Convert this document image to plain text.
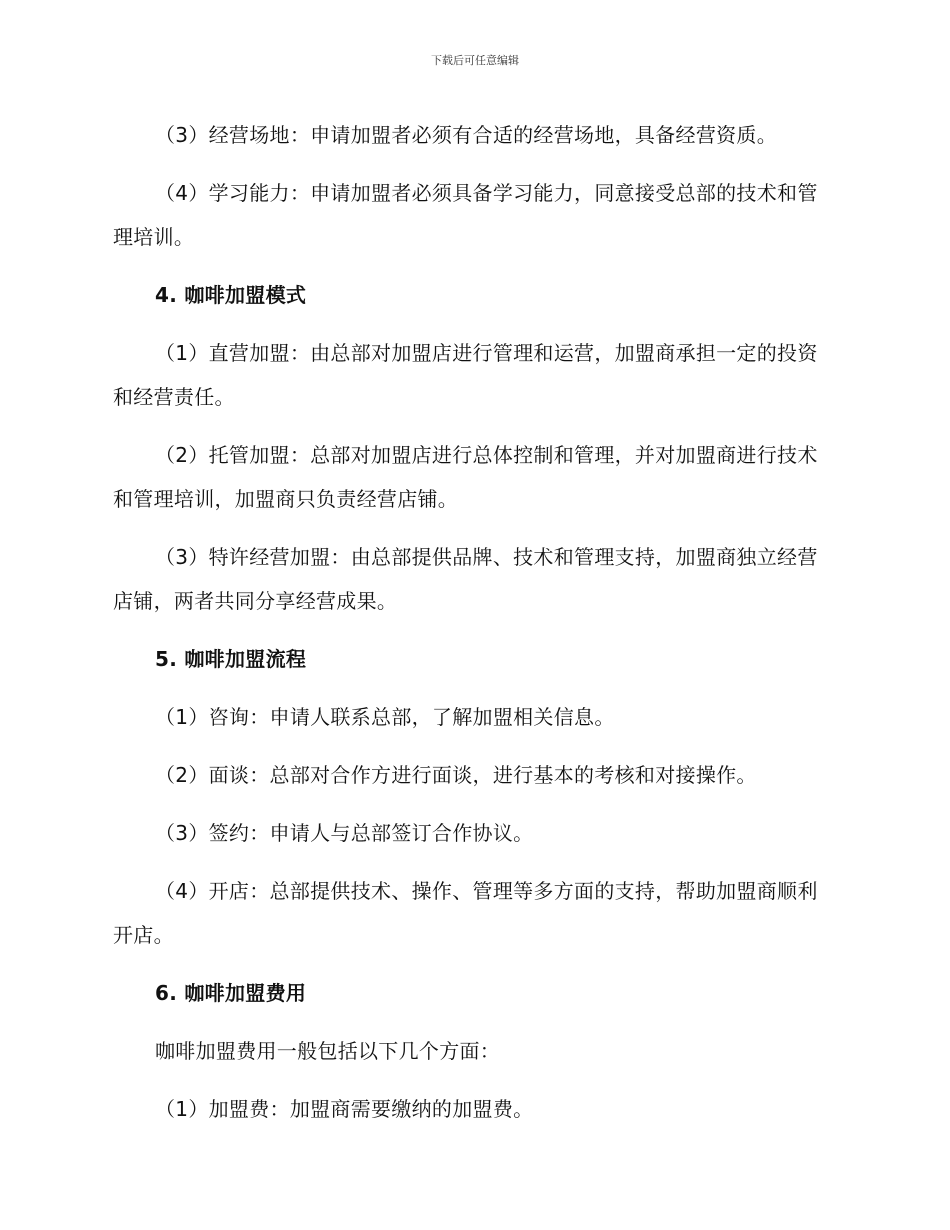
下载后可任意编辑

（3）经营场地：申请加盟者必须有合适的经营场地，具备经营资质。

（4）学习能力：申请加盟者必须具备学习能力，同意接受总部的技术和管理培训。

4. 咖啡加盟模式

（1）直营加盟：由总部对加盟店进行管理和运营，加盟商承担一定的投资和经营责任。

（2）托管加盟：总部对加盟店进行总体控制和管理，并对加盟商进行技术和管理培训，加盟商只负责经营店铺。

（3）特许经营加盟：由总部提供品牌、技术和管理支持，加盟商独立经营店铺，两者共同分享经营成果。

5. 咖啡加盟流程

（1）咨询：申请人联系总部，了解加盟相关信息。

（2）面谈：总部对合作方进行面谈，进行基本的考核和对接操作。

（3）签约：申请人与总部签订合作协议。

（4）开店：总部提供技术、操作、管理等多方面的支持，帮助加盟商顺利开店。

6. 咖啡加盟费用

咖啡加盟费用一般包括以下几个方面：

（1）加盟费：加盟商需要缴纳的加盟费。
